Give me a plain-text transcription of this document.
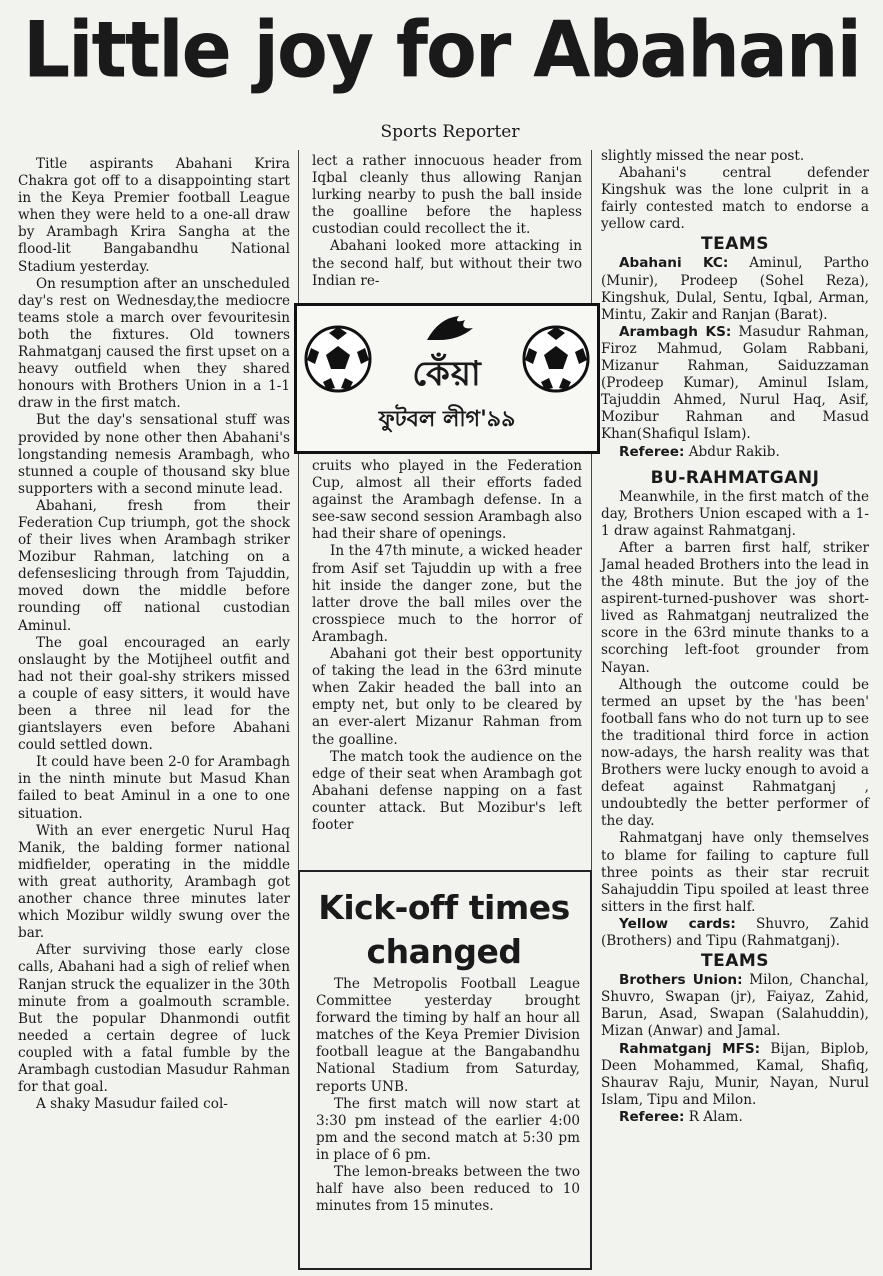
Little joy for Abahani
Sports Reporter

Title aspirants Abahani Krira Chakra got off to a disappointing start in the Keya Premier football League when they were held to a one-all draw by Arambagh Krira Sangha at the flood-lit Bangabandhu National Stadium yesterday.

On resumption after an unscheduled day's rest on Wednesday,the mediocre teams stole a march over fevouritesin both the fixtures. Old towners Rahmatganj caused the first upset on a heavy outfield when they shared honours with Brothers Union in a 1-1 draw in the first match.

But the day's sensational stuff was provided by none other then Abahani's longstanding nemesis Arambagh, who stunned a couple of thousand sky blue supporters with a second minute lead.

Abahani, fresh from their Federation Cup triumph, got the shock of their lives when Arambagh striker Mozibur Rahman, latching on a defenseslicing through from Tajuddin, moved down the middle before rounding off national custodian Aminul.

The goal encouraged an early onslaught by the Motijheel outfit and had not their goal-shy strikers missed a couple of easy sitters, it would have been a three nil lead for the giantslayers even before Abahani could settled down.

It could have been 2-0 for Arambagh in the ninth minute but Masud Khan failed to beat Aminul in a one to one situation.

With an ever energetic Nurul Haq Manik, the balding former national midfielder, operating in the middle with great authority, Arambagh got another chance three minutes later which Mozibur wildly swung over the bar.

After surviving those early close calls, Abahani had a sigh of relief when Ranjan struck the equalizer in the 30th minute from a goalmouth scramble. But the popular Dhanmondi outfit needed a certain degree of luck coupled with a fatal fumble by the Arambagh custodian Masudur Rahman for that goal.

A shaky Masudur failed col-

lect a rather innocuous header from Iqbal cleanly thus allowing Ranjan lurking nearby to push the ball inside the goalline before the hapless custodian could recollect the it.

Abahani looked more attacking in the second half, but without their two Indian re-

কেঁয়া
ফুটবল লীগ'৯৯

cruits who played in the Federation Cup, almost all their efforts faded against the Arambagh defense. In a see-saw second session Arambagh also had their share of openings.

In the 47th minute, a wicked header from Asif set Tajuddin up with a free hit inside the danger zone, but the latter drove the ball miles over the crosspiece much to the horror of Arambagh.

Abahani got their best opportunity of taking the lead in the 63rd minute when Zakir headed the ball into an empty net, but only to be cleared by an ever-alert Mizanur Rahman from the goalline.

The match took the audience on the edge of their seat when Arambagh got Abahani defense napping on a fast counter attack. But Mozibur's left footer

Kick-off times changed

The Metropolis Football League Committee yesterday brought forward the timing by half an hour all matches of the Keya Premier Division football league at the Bangabandhu National Stadium from Saturday, reports UNB.

The first match will now start at 3:30 pm instead of the earlier 4:00 pm and the second match at 5:30 pm in place of 6 pm.

The lemon-breaks between the two half have also been reduced to 10 minutes from 15 minutes.

slightly missed the near post.

Abahani's central defender Kingshuk was the lone culprit in a fairly contested match to endorse a yellow card.

TEAMS

Abahani KC: Aminul, Partho (Munir), Prodeep (Sohel Reza), Kingshuk, Dulal, Sentu, Iqbal, Arman, Mintu, Zakir and Ranjan (Barat).

Arambagh KS: Masudur Rahman, Firoz Mahmud, Golam Rabbani, Mizanur Rahman, Saiduzzaman (Prodeep Kumar), Aminul Islam, Tajuddin Ahmed, Nurul Haq, Asif, Mozibur Rahman and Masud Khan(Shafiqul Islam).

Referee: Abdur Rakib.

BU-RAHMATGANJ

Meanwhile, in the first match of the day, Brothers Union escaped with a 1-1 draw against Rahmatganj.

After a barren first half, striker Jamal headed Brothers into the lead in the 48th minute. But the joy of the aspirent-turned-pushover was short-lived as Rahmatganj neutralized the score in the 63rd minute thanks to a scorching left-foot grounder from Nayan.

Although the outcome could be termed an upset by the 'has been' football fans who do not turn up to see the traditional third force in action now-adays, the harsh reality was that Brothers were lucky enough to avoid a defeat against Rahmatganj , undoubtedly the better performer of the day.

Rahmatganj have only themselves to blame for failing to capture full three points as their star recruit Sahajuddin Tipu spoiled at least three sitters in the first half.

Yellow cards: Shuvro, Zahid (Brothers) and Tipu (Rahmatganj).

TEAMS

Brothers Union: Milon, Chanchal, Shuvro, Swapan (jr), Faiyaz, Zahid, Barun, Asad, Swapan (Salahuddin), Mizan (Anwar) and Jamal.

Rahmatganj MFS: Bijan, Biplob, Deen Mohammed, Kamal, Shafiq, Shaurav Raju, Munir, Nayan, Nurul Islam, Tipu and Milon.

Referee: R Alam.
